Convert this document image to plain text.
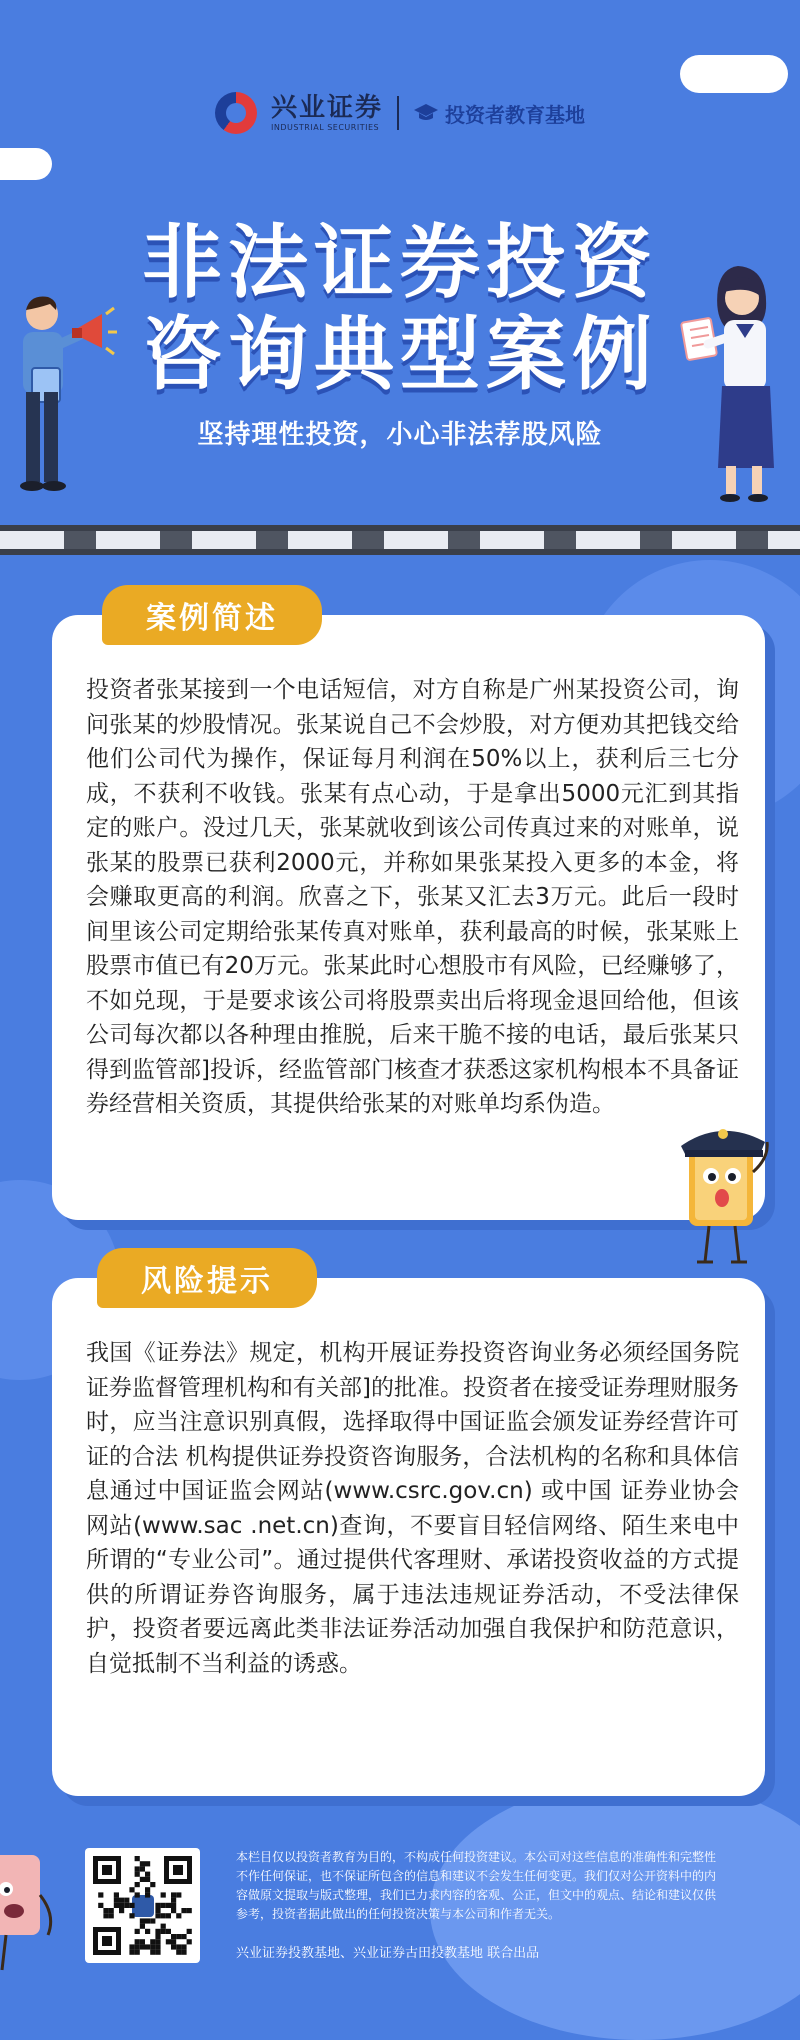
兴业证券
INDUSTRIAL SECURITIES
投资者教育基地
非法证券投资
咨询典型案例
坚持理性投资，小心非法荐股风险
案例简述
投资者张某接到一个电话短信，对方自称是广州某投资公司，询问张某的炒股情况。张某说自己不会炒股，对方便劝其把钱交给他们公司代为操作，保证每月利润在50%以上，获利后三七分成，不获利不收钱。张某有点心动，于是拿出5000元汇到其指定的账户。没过几天，张某就收到该公司传真过来的对账单，说张某的股票已获利2000元，并称如果张某投入更多的本金，将会赚取更高的利润。欣喜之下，张某又汇去3万元。此后一段时间里该公司定期给张某传真对账单，获利最高的时候，张某账上股票市值已有20万元。张某此时心想股市有风险，已经赚够了，不如兑现，于是要求该公司将股票卖出后将现金退回给他，但该公司每次都以各种理由推脱，后来干脆不接的电话，最后张某只得到监管部]投诉，经监管部门核查才获悉这家机构根本不具备证券经营相关资质，其提供给张某的对账单均系伪造。
风险提示
我国《证券法》规定，机构开展证券投资咨询业务必须经国务院证券监督管理机构和有关部]的批准。投资者在接受证券理财服务时，应当注意识别真假，选择取得中国证监会颁发证券经营许可证的合法 机构提供证券投资咨询服务，合法机构的名称和具体信息通过中国证监会网站(www.csrc.gov.cn) 或中国 证券业协会网站(www.sac .net.cn)查询，不要盲目轻信网络、陌生来电中所谓的“专业公司”。通过提供代客理财、承诺投资收益的方式提供的所谓证券咨询服务，属于违法违规证券活动，不受法律保护，投资者要远离此类非法证券活动加强自我保护和防范意识，自觉抵制不当利益的诱惑。
本栏目仅以投资者教育为目的，不构成任何投资建议。本公司对这些信息的准确性和完整性不作任何保证，也不保证所包含的信息和建议不会发生任何变更。我们仅对公开资料中的内容做原文提取与版式整理，我们已力求内容的客观、公正，但文中的观点、结论和建议仅供参考，投资者据此做出的任何投资决策与本公司和作者无关。
兴业证券投教基地、兴业证券古田投教基地 联合出品
